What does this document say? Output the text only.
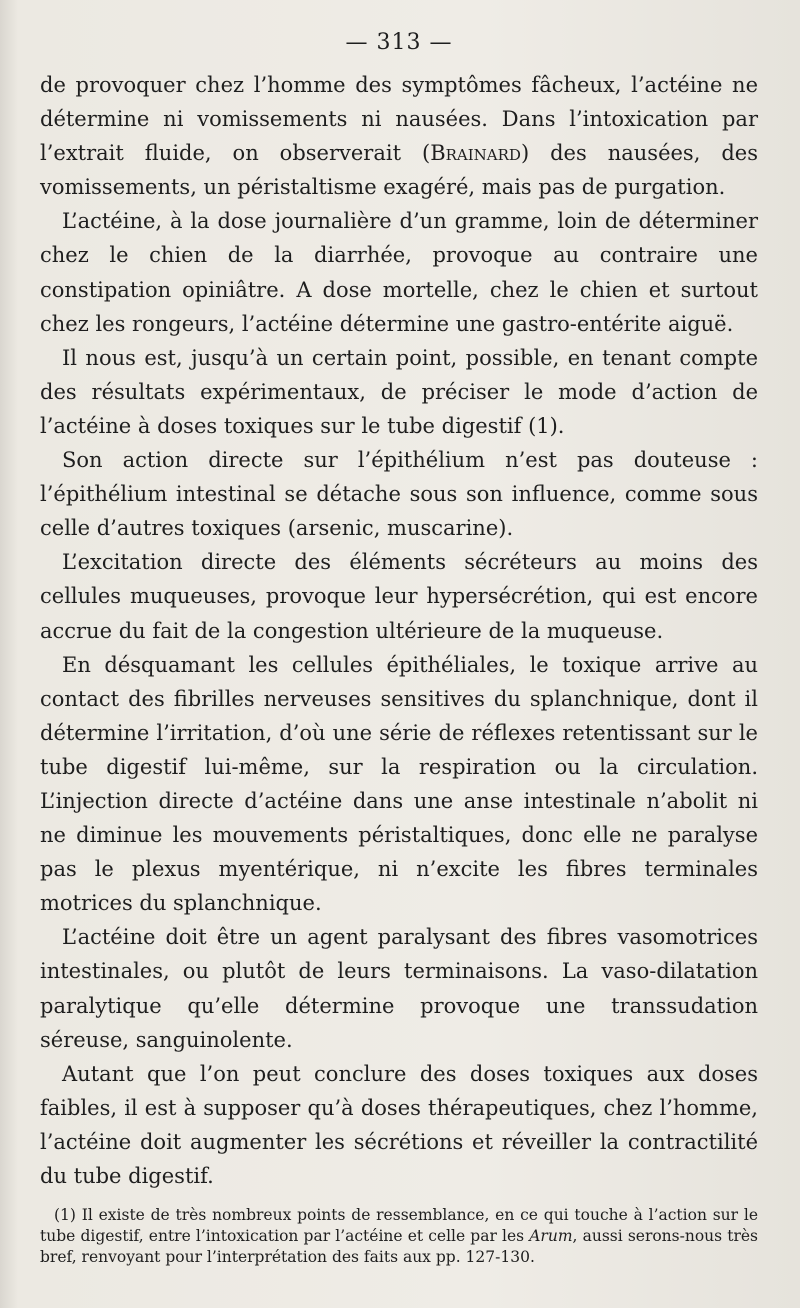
— 313 —

de provoquer chez l’homme des symptômes fâcheux, l’actéine ne détermine ni vomissements ni nausées. Dans l’intoxication par l’extrait fluide, on observerait (Brainard) des nausées, des vomissements, un péristaltisme exagéré, mais pas de purgation.

L’actéine, à la dose journalière d’un gramme, loin de déterminer chez le chien de la diarrhée, provoque au contraire une constipation opiniâtre. A dose mortelle, chez le chien et surtout chez les rongeurs, l’actéine détermine une gastro-entérite aiguë.

Il nous est, jusqu’à un certain point, possible, en tenant compte des résultats expérimentaux, de préciser le mode d’action de l’actéine à doses toxiques sur le tube digestif (1).

Son action directe sur l’épithélium n’est pas douteuse : l’épithélium intestinal se détache sous son influence, comme sous celle d’autres toxiques (arsenic, muscarine).

L’excitation directe des éléments sécréteurs au moins des cellules muqueuses, provoque leur hypersécrétion, qui est encore accrue du fait de la congestion ultérieure de la muqueuse.

En désquamant les cellules épithéliales, le toxique arrive au contact des fibrilles nerveuses sensitives du splanchnique, dont il détermine l’irritation, d’où une série de réflexes retentissant sur le tube digestif lui-même, sur la respiration ou la circulation. L’injection directe d’actéine dans une anse intestinale n’abolit ni ne diminue les mouvements péristaltiques, donc elle ne paralyse pas le plexus myentérique, ni n’excite les fibres terminales motrices du splanchnique.

L’actéine doit être un agent paralysant des fibres vasomotrices intestinales, ou plutôt de leurs terminaisons. La vaso-dilatation paralytique qu’elle détermine provoque une transsudation séreuse, sanguinolente.

Autant que l’on peut conclure des doses toxiques aux doses faibles, il est à supposer qu’à doses thérapeutiques, chez l’homme, l’actéine doit augmenter les sécrétions et réveiller la contractilité du tube digestif.

(1) Il existe de très nombreux points de ressemblance, en ce qui touche à l’action sur le tube digestif, entre l’intoxication par l’actéine et celle par les Arum, aussi serons-nous très bref, renvoyant pour l’interprétation des faits aux pp. 127-130.
